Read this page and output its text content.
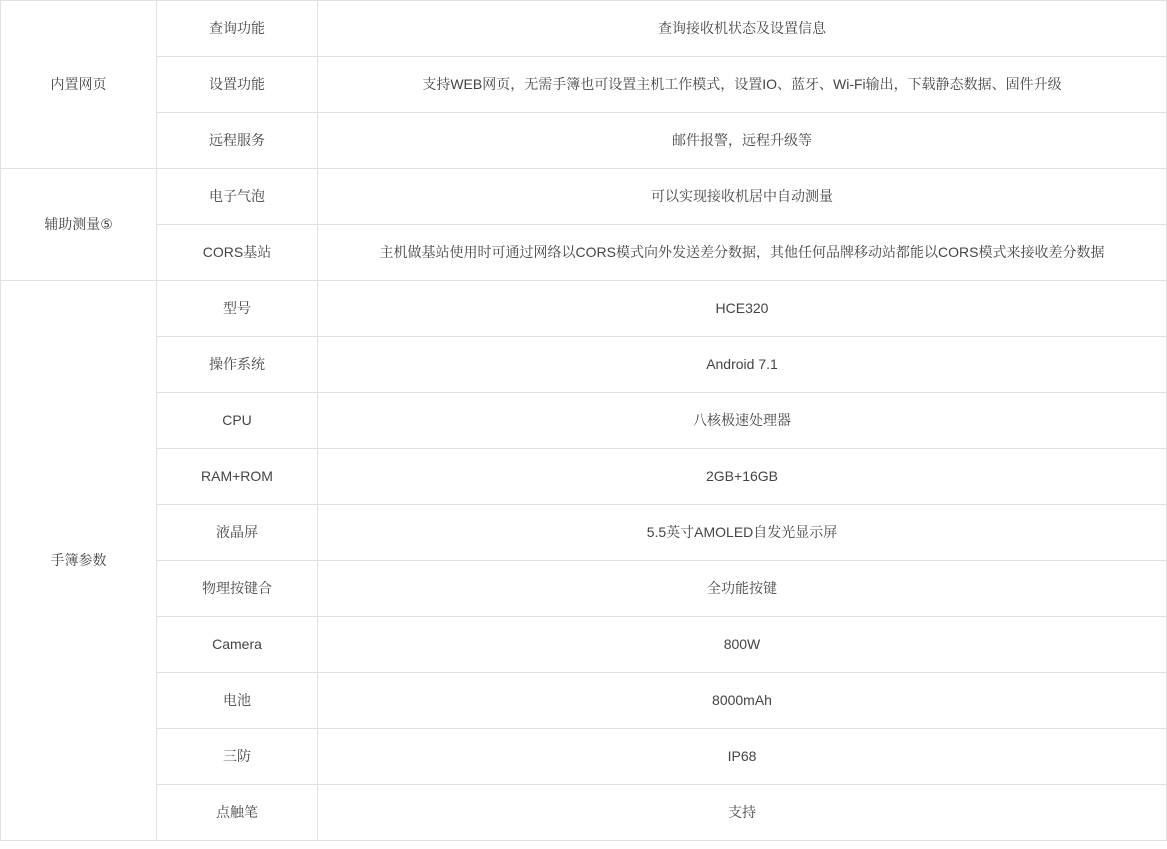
内置网页	查询功能	查询接收机状态及设置信息
	设置功能	支持WEB网页，无需手簿也可设置主机工作模式，设置IO、蓝牙、Wi-Fi输出，下载静态数据、固件升级
	远程服务	邮件报警，远程升级等
辅助测量⑤	电子气泡	可以实现接收机居中自动测量
	CORS基站	主机做基站使用时可通过网络以CORS模式向外发送差分数据，其他任何品牌移动站都能以CORS模式来接收差分数据
手簿参数	型号	HCE320
	操作系统	Android 7.1
	CPU	八核极速处理器
	RAM+ROM	2GB+16GB
	液晶屏	5.5英寸AMOLED自发光显示屏
	物理按键合	全功能按键
	Camera	800W
	电池	8000mAh
	三防	IP68
	点触笔	支持
